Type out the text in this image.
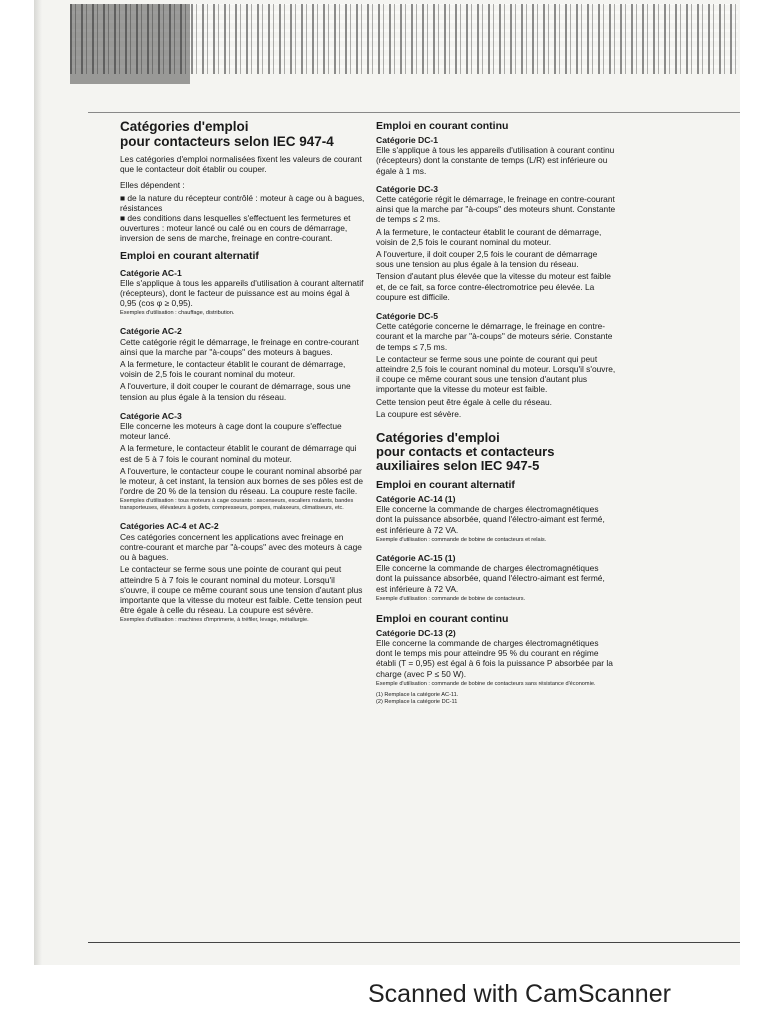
Catégories d'emploi
pour contacteurs selon IEC 947-4

Les catégories d'emploi normalisées fixent les valeurs de courant que le contacteur doit établir ou couper.

Elles dépendent :

■ de la nature du récepteur contrôlé : moteur à cage ou à bagues, résistances

■ des conditions dans lesquelles s'effectuent les fermetures et ouvertures : moteur lancé ou calé ou en cours de démarrage, inversion de sens de marche, freinage en contre-courant.

Emploi en courant alternatif
Catégorie AC-1

Elle s'applique à tous les appareils d'utilisation à courant alternatif (récepteurs), dont le facteur de puissance est au moins égal à 0,95 (cos φ ≥ 0,95).

Exemples d'utilisation : chauffage, distribution.

Catégorie AC-2

Cette catégorie régit le démarrage, le freinage en contre-courant ainsi que la marche par "à-coups" des moteurs à bagues.

A la fermeture, le contacteur établit le courant de démarrage, voisin de 2,5 fois le courant nominal du moteur.

A l'ouverture, il doit couper le courant de démarrage, sous une tension au plus égale à la tension du réseau.

Catégorie AC-3

Elle concerne les moteurs à cage dont la coupure s'effectue moteur lancé.

A la fermeture, le contacteur établit le courant de démarrage qui est de 5 à 7 fois le courant nominal du moteur.

A l'ouverture, le contacteur coupe le courant nominal absorbé par le moteur, à cet instant, la tension aux bornes de ses pôles est de l'ordre de 20 % de la tension du réseau. La coupure reste facile.

Exemples d'utilisation : tous moteurs à cage courants : ascenseurs, escaliers roulants, bandes transporteuses, élévateurs à godets, compresseurs, pompes, malaxeurs, climatiseurs, etc.

Catégories AC-4 et AC-2

Ces catégories concernent les applications avec freinage en contre-courant et marche par "à-coups" avec des moteurs à cage ou à bagues.

Le contacteur se ferme sous une pointe de courant qui peut atteindre 5 à 7 fois le courant nominal du moteur. Lorsqu'il s'ouvre, il coupe ce même courant sous une tension d'autant plus importante que la vitesse du moteur est faible. Cette tension peut être égale à celle du réseau. La coupure est sévère.

Exemples d'utilisation : machines d'imprimerie, à tréfiler, levage, métallurgie.

Emploi en courant continu
Catégorie DC-1

Elle s'applique à tous les appareils d'utilisation à courant continu (récepteurs) dont la constante de temps (L/R) est inférieure ou égale à 1 ms.

Catégorie DC-3

Cette catégorie régit le démarrage, le freinage en contre-courant ainsi que la marche par "à-coups" des moteurs shunt. Constante de temps ≤ 2 ms.

A la fermeture, le contacteur établit le courant de démarrage, voisin de 2,5 fois le courant nominal du moteur.

A l'ouverture, il doit couper 2,5 fois le courant de démarrage sous une tension au plus égale à la tension du réseau.

Tension d'autant plus élevée que la vitesse du moteur est faible et, de ce fait, sa force contre-électromotrice peu élevée. La coupure est difficile.

Catégorie DC-5

Cette catégorie concerne le démarrage, le freinage en contre-courant et la marche par "à-coups" de moteurs série. Constante de temps ≤ 7,5 ms.

Le contacteur se ferme sous une pointe de courant qui peut atteindre 2,5 fois le courant nominal du moteur. Lorsqu'il s'ouvre, il coupe ce même courant sous une tension d'autant plus importante que la vitesse du moteur est faible.

Cette tension peut être égale à celle du réseau.

La coupure est sévère.

Catégories d'emploi
pour contacts et contacteurs
auxiliaires selon IEC 947-5
Emploi en courant alternatif
Catégorie AC-14 (1)

Elle concerne la commande de charges électromagnétiques dont la puissance absorbée, quand l'électro-aimant est fermé, est inférieure à 72 VA.

Exemple d'utilisation : commande de bobine de contacteurs et relais.

Catégorie AC-15 (1)

Elle concerne la commande de charges électromagnétiques dont la puissance absorbée, quand l'électro-aimant est fermé, est inférieure à 72 VA.

Exemple d'utilisation : commande de bobine de contacteurs.

Emploi en courant continu
Catégorie DC-13 (2)

Elle concerne la commande de charges électromagnétiques dont le temps mis pour atteindre 95 % du courant en régime établi (T = 0,95) est égal à 6 fois la puissance P absorbée par la charge (avec P ≤ 50 W).

Exemple d'utilisation : commande de bobine de contacteurs sans résistance d'économie.

(1) Remplace la catégorie AC-11.

(2) Remplace la catégorie DC-11

Scanned with CamScanner
